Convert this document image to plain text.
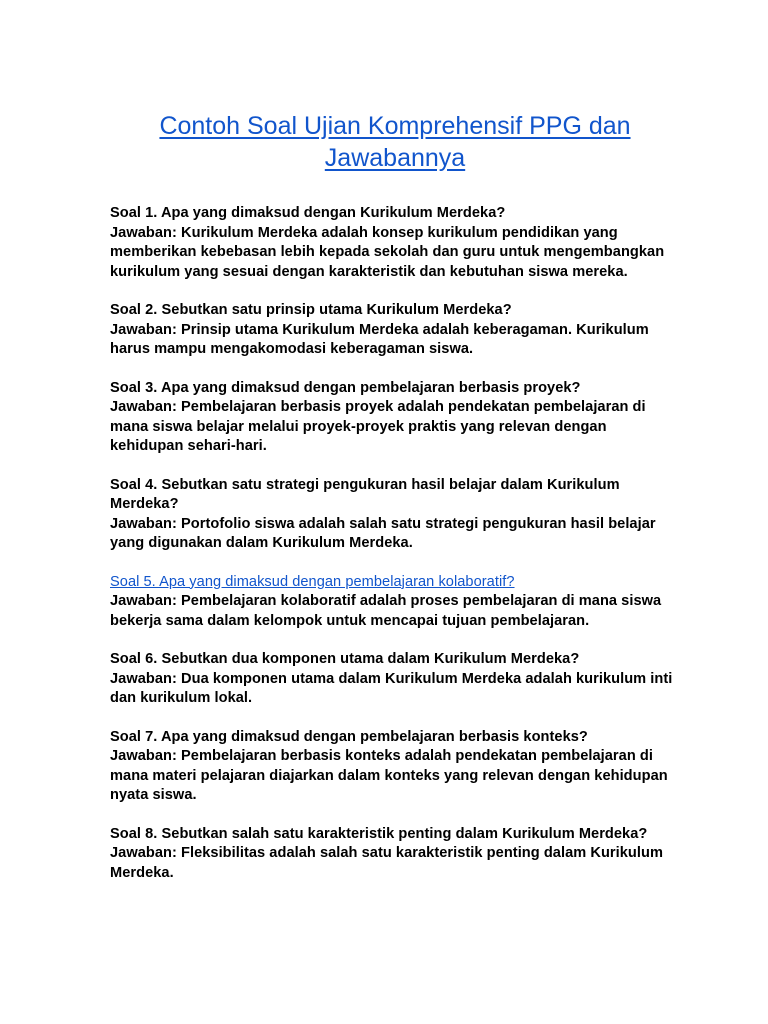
Contoh Soal Ujian Komprehensif PPG dan Jawabannya
Soal 1. Apa yang dimaksud dengan Kurikulum Merdeka?
Jawaban: Kurikulum Merdeka adalah konsep kurikulum pendidikan yang memberikan kebebasan lebih kepada sekolah dan guru untuk mengembangkan kurikulum yang sesuai dengan karakteristik dan kebutuhan siswa mereka.
Soal 2. Sebutkan satu prinsip utama Kurikulum Merdeka?
Jawaban: Prinsip utama Kurikulum Merdeka adalah keberagaman. Kurikulum harus mampu mengakomodasi keberagaman siswa.
Soal 3. Apa yang dimaksud dengan pembelajaran berbasis proyek?
Jawaban: Pembelajaran berbasis proyek adalah pendekatan pembelajaran di mana siswa belajar melalui proyek-proyek praktis yang relevan dengan kehidupan sehari-hari.
Soal 4. Sebutkan satu strategi pengukuran hasil belajar dalam Kurikulum Merdeka?
Jawaban: Portofolio siswa adalah salah satu strategi pengukuran hasil belajar yang digunakan dalam Kurikulum Merdeka.
Soal 5. Apa yang dimaksud dengan pembelajaran kolaboratif?
Jawaban: Pembelajaran kolaboratif adalah proses pembelajaran di mana siswa bekerja sama dalam kelompok untuk mencapai tujuan pembelajaran.
Soal 6. Sebutkan dua komponen utama dalam Kurikulum Merdeka?
Jawaban: Dua komponen utama dalam Kurikulum Merdeka adalah kurikulum inti dan kurikulum lokal.
Soal 7. Apa yang dimaksud dengan pembelajaran berbasis konteks?
Jawaban: Pembelajaran berbasis konteks adalah pendekatan pembelajaran di mana materi pelajaran diajarkan dalam konteks yang relevan dengan kehidupan nyata siswa.
Soal 8. Sebutkan salah satu karakteristik penting dalam Kurikulum Merdeka?
Jawaban: Fleksibilitas adalah salah satu karakteristik penting dalam Kurikulum Merdeka.
